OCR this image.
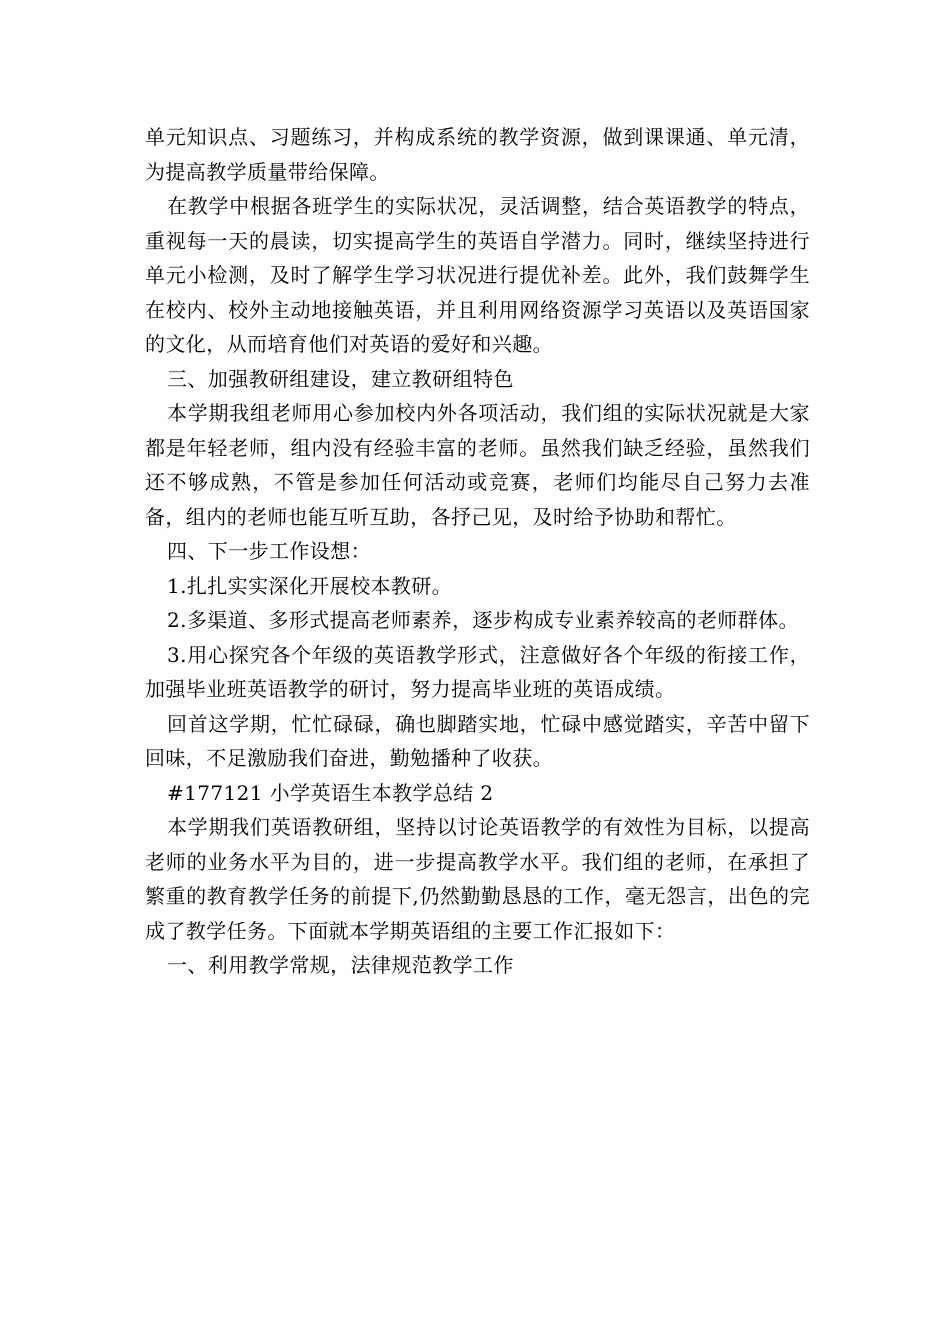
单元知识点、习题练习，并构成系统的教学资源，做到课课通、单元清，为提高教学质量带给保障。

在教学中根据各班学生的实际状况，灵活调整，结合英语教学的特点，重视每一天的晨读，切实提高学生的英语自学潜力。同时，继续坚持进行单元小检测，及时了解学生学习状况进行提优补差。此外，我们鼓舞学生在校内、校外主动地接触英语，并且利用网络资源学习英语以及英语国家的文化，从而培育他们对英语的爱好和兴趣。

三、加强教研组建设，建立教研组特色

本学期我组老师用心参加校内外各项活动，我们组的实际状况就是大家都是年轻老师，组内没有经验丰富的老师。虽然我们缺乏经验，虽然我们还不够成熟，不管是参加任何活动或竞赛，老师们均能尽自己努力去准备，组内的老师也能互听互助，各抒己见，及时给予协助和帮忙。

四、下一步工作设想：

1.扎扎实实深化开展校本教研。

2.多渠道、多形式提高老师素养，逐步构成专业素养较高的老师群体。

3.用心探究各个年级的英语教学形式，注意做好各个年级的衔接工作，加强毕业班英语教学的研讨，努力提高毕业班的英语成绩。

回首这学期，忙忙碌碌，确也脚踏实地，忙碌中感觉踏实，辛苦中留下回味，不足激励我们奋进，勤勉播种了收获。

#177121 小学英语生本教学总结 2

本学期我们英语教研组，坚持以讨论英语教学的有效性为目标，以提高老师的业务水平为目的，进一步提高教学水平。我们组的老师，在承担了繁重的教育教学任务的前提下,仍然勤勤恳恳的工作，毫无怨言，出色的完成了教学任务。下面就本学期英语组的主要工作汇报如下：

一、利用教学常规，法律规范教学工作
